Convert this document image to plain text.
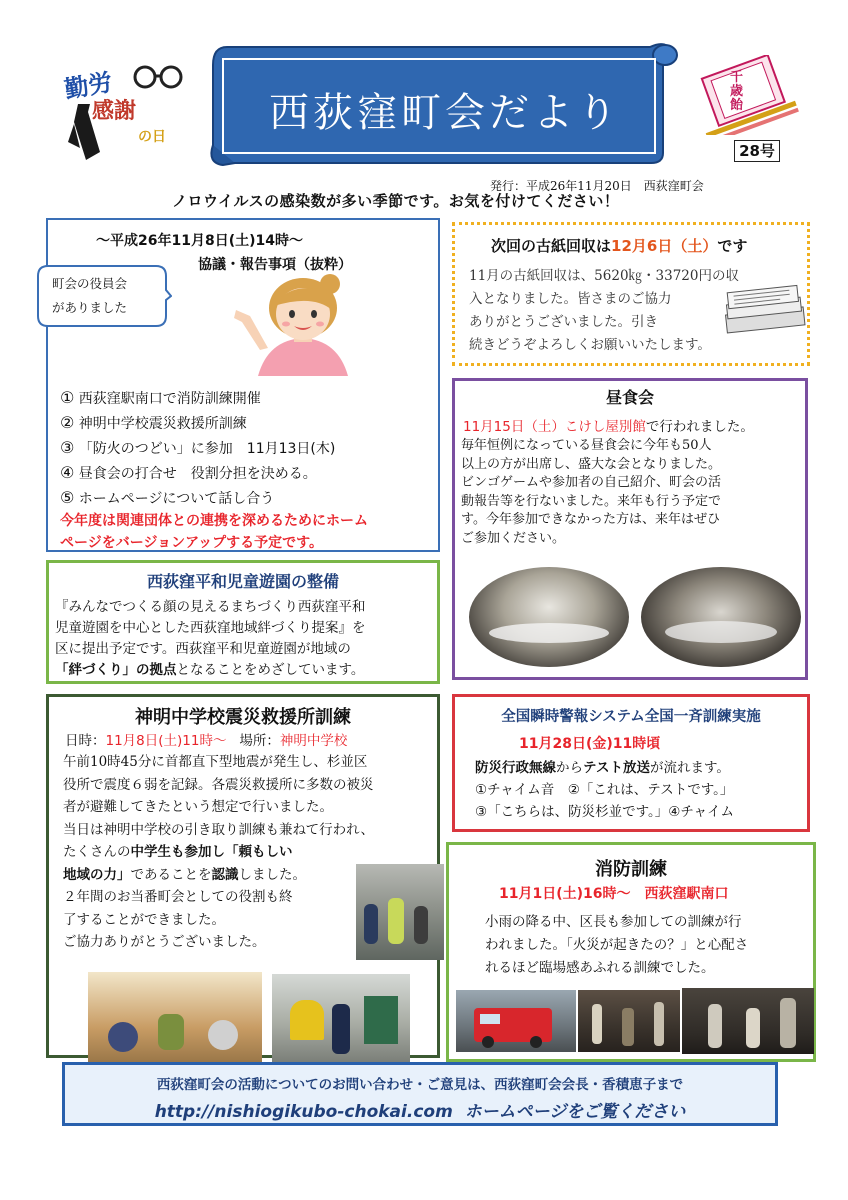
勤労
感謝
の日
西荻窪町会だより
千歳飴
28号
発行：平成26年11月20日　西荻窪町会
ノロウイルスの感染数が多い季節です。お気を付けてください！
～平成26年11月8日(土)14時～
協議・報告事項（抜粋）
町会の役員会
がありました
① 西荻窪駅南口で消防訓練開催
② 神明中学校震災救援所訓練
③ 「防火のつどい」に参加　11月13日(木)
④ 昼食会の打合せ　役割分担を決める。
⑤ ホームページについて話し合う
今年度は関連団体との連携を深めるためにホーム
ページをバージョンアップする予定です。
次回の古紙回収は12月6日（土）です
11月の古紙回収は、5620㎏・33720円の収
入となりました。皆さまのご協力
ありがとうございました。引き
続きどうぞよろしくお願いいたします。
昼食会
11月15日（土）こけし屋別館で行われました。
毎年恒例になっている昼食会に今年も50人
以上の方が出席し、盛大な会となりました。
ビンゴゲームや参加者の自己紹介、町会の活
動報告等を行ないました。来年も行う予定で
す。今年参加できなかった方は、来年はぜひ
ご参加ください。
西荻窪平和児童遊園の整備
『みんなでつくる顔の見えるまちづくり西荻窪平和
児童遊園を中心とした西荻窪地域絆づくり提案』を
区に提出予定です。西荻窪平和児童遊園が地域の
「絆づくり」の拠点となることをめざしています。
神明中学校震災救援所訓練
日時：11月8日(土)11時～ 場所：神明中学校
午前10時45分に首都直下型地震が発生し、杉並区
役所で震度６弱を記録。各震災救援所に多数の被災
者が避難してきたという想定で行いました。
当日は神明中学校の引き取り訓練も兼ねて行われ、
たくさんの中学生も参加し「頼もしい
地域の力」であることを認識しました。
２年間のお当番町会としての役割も終
了することができました。
ご協力ありがとうございました。
全国瞬時警報システム全国一斉訓練実施
11月28日(金)11時頃
防災行政無線からテスト放送が流れます。
①チャイム音　②「これは、テストです。」
③「こちらは、防災杉並です。」④チャイム
消防訓練
11月1日(土)16時～　西荻窪駅南口
小雨の降る中、区長も参加しての訓練が行
われました。「火災が起きたの？」と心配さ
れるほど臨場感あふれる訓練でした。
西荻窪町会の活動についてのお問い合わせ・ご意見は、西荻窪町会会長・香積恵子まで
http://nishiogikubo-chokai.com ホームページをご覧ください
